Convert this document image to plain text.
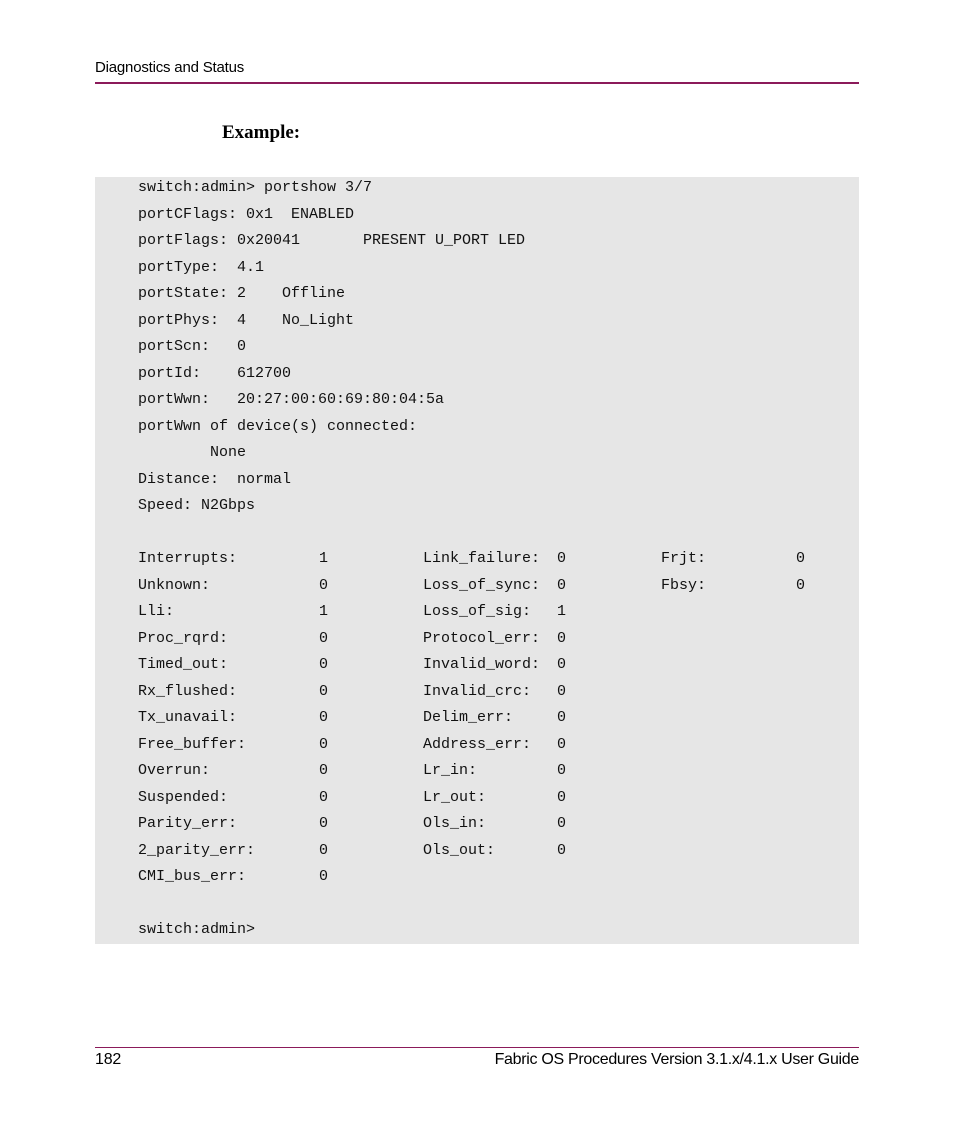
Diagnostics and Status
Example:
switch:admin> portshow 3/7
portCFlags: 0x1  ENABLED
portFlags: 0x20041       PRESENT U_PORT LED
portType:  4.1
portState: 2    Offline
portPhys:  4    No_Light
portScn:   0
portId:    612700
portWwn:   20:27:00:60:69:80:04:5a
portWwn of device(s) connected:
None
Distance:  normal
Speed: N2Gbps
Interrupts:	1	Link_failure: 0	Frjt:	0
Unknown:	0	Loss_of_sync: 0	Fbsy:	0
Lli:	1	Loss_of_sig: 1
Proc_rqrd:	0	Protocol_err: 0
Timed_out:	0	Invalid_word: 0
Rx_flushed:	0	Invalid_crc: 0
Tx_unavail:	0	Delim_err:	0
Free_buffer:	0	Address_err: 0
Overrun:	0	Lr_in:	0
Suspended:	0	Lr_out:	0
Parity_err:	0	Ols_in:	0
2_parity_err:	0	Ols_out:	0
CMI_bus_err:	0
switch:admin>
182	Fabric OS Procedures Version 3.1.x/4.1.x User Guide
